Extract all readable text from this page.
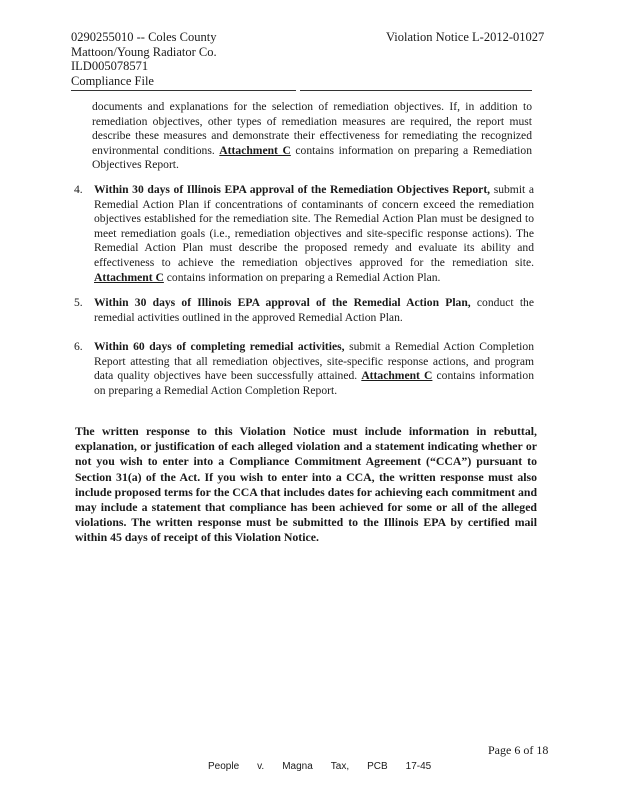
0290255010 -- Coles County
Mattoon/Young Radiator Co.
ILD005078571
Compliance File
Violation Notice L-2012-01027
documents and explanations for the selection of remediation objectives. If, in addition to remediation objectives, other types of remediation measures are required, the report must describe these measures and demonstrate their effectiveness for remediating the recognized environmental conditions. Attachment C contains information on preparing a Remediation Objectives Report.
4. Within 30 days of Illinois EPA approval of the Remediation Objectives Report, submit a Remedial Action Plan if concentrations of contaminants of concern exceed the remediation objectives established for the remediation site. The Remedial Action Plan must be designed to meet remediation goals (i.e., remediation objectives and site-specific response actions). The Remedial Action Plan must describe the proposed remedy and evaluate its ability and effectiveness to achieve the remediation objectives approved for the remediation site. Attachment C contains information on preparing a Remedial Action Plan.
5. Within 30 days of Illinois EPA approval of the Remedial Action Plan, conduct the remedial activities outlined in the approved Remedial Action Plan.
6. Within 60 days of completing remedial activities, submit a Remedial Action Completion Report attesting that all remediation objectives, site-specific response actions, and program data quality objectives have been successfully attained. Attachment C contains information on preparing a Remedial Action Completion Report.
The written response to this Violation Notice must include information in rebuttal, explanation, or justification of each alleged violation and a statement indicating whether or not you wish to enter into a Compliance Commitment Agreement (“CCA”) pursuant to Section 31(a) of the Act. If you wish to enter into a CCA, the written response must also include proposed terms for the CCA that includes dates for achieving each commitment and may include a statement that compliance has been achieved for some or all of the alleged violations. The written response must be submitted to the Illinois EPA by certified mail within 45 days of receipt of this Violation Notice.
Page 6 of 18
People v. Magna Tax, PCB 17-45
